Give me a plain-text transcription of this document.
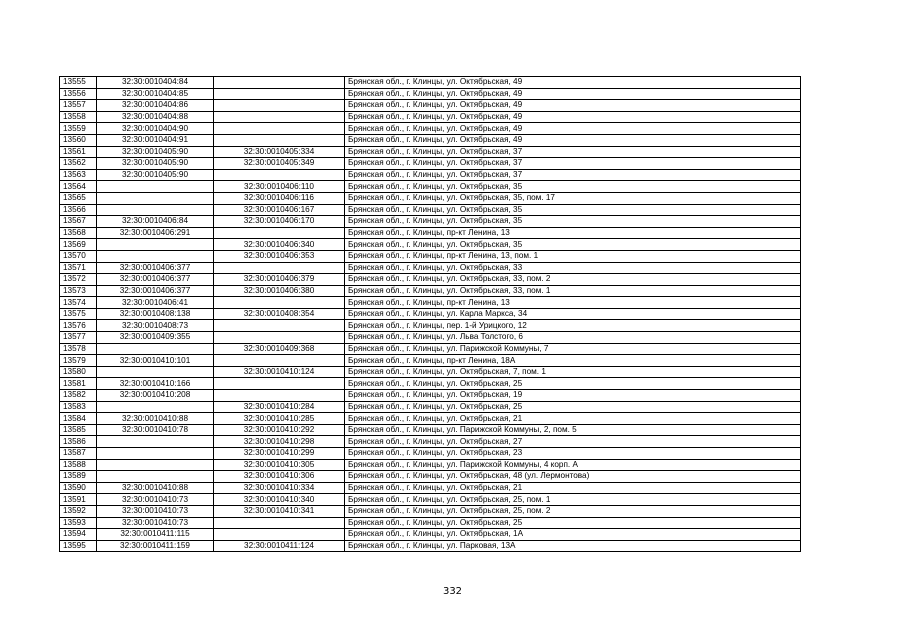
13555	32:30:0010404:84		Брянская обл., г. Клинцы, ул. Октябрьская, 49
13556	32:30:0010404:85		Брянская обл., г. Клинцы, ул. Октябрьская, 49
13557	32:30:0010404:86		Брянская обл., г. Клинцы, ул. Октябрьская, 49
13558	32:30:0010404:88		Брянская обл., г. Клинцы, ул. Октябрьская, 49
13559	32:30:0010404:90		Брянская обл., г. Клинцы, ул. Октябрьская, 49
13560	32:30:0010404:91		Брянская обл., г. Клинцы, ул. Октябрьская, 49
13561	32:30:0010405:90	32:30:0010405:334	Брянская обл., г. Клинцы, ул. Октябрьская, 37
13562	32:30:0010405:90	32:30:0010405:349	Брянская обл., г. Клинцы, ул. Октябрьская, 37
13563	32:30:0010405:90		Брянская обл., г. Клинцы, ул. Октябрьская, 37
13564		32:30:0010406:110	Брянская обл., г. Клинцы, ул. Октябрьская, 35
13565		32:30:0010406:116	Брянская обл., г. Клинцы, ул. Октябрьская, 35, пом. 17
13566		32:30:0010406:167	Брянская обл., г. Клинцы, ул. Октябрьская, 35
13567	32:30:0010406:84	32:30:0010406:170	Брянская обл., г. Клинцы, ул. Октябрьская, 35
13568	32:30:0010406:291		Брянская обл., г. Клинцы, пр-кт Ленина, 13
13569		32:30:0010406:340	Брянская обл., г. Клинцы, ул. Октябрьская, 35
13570		32:30:0010406:353	Брянская обл., г. Клинцы, пр-кт Ленина, 13, пом. 1
13571	32:30:0010406:377		Брянская обл., г. Клинцы, ул. Октябрьская, 33
13572	32:30:0010406:377	32:30:0010406:379	Брянская обл., г. Клинцы, ул. Октябрьская, 33, пом. 2
13573	32:30:0010406:377	32:30:0010406:380	Брянская обл., г. Клинцы, ул. Октябрьская, 33, пом. 1
13574	32:30:0010406:41		Брянская обл., г. Клинцы, пр-кт Ленина, 13
13575	32:30:0010408:138	32:30:0010408:354	Брянская обл., г. Клинцы, ул. Карла Маркса, 34
13576	32:30:0010408:73		Брянская обл., г. Клинцы, пер. 1-й Урицкого, 12
13577	32:30:0010409:355		Брянская обл., г. Клинцы, ул. Льва Толстого, 6
13578		32:30:0010409:368	Брянская обл., г. Клинцы, ул. Парижской Коммуны, 7
13579	32:30:0010410:101		Брянская обл., г. Клинцы, пр-кт Ленина, 18А
13580		32:30:0010410:124	Брянская обл., г. Клинцы, ул. Октябрьская, 7, пом. 1
13581	32:30:0010410:166		Брянская обл., г. Клинцы, ул. Октябрьская, 25
13582	32:30:0010410:208		Брянская обл., г. Клинцы, ул. Октябрьская, 19
13583		32:30:0010410:284	Брянская обл., г. Клинцы, ул. Октябрьская, 25
13584	32:30:0010410:88	32:30:0010410:285	Брянская обл., г. Клинцы, ул. Октябрьская, 21
13585	32:30:0010410:78	32:30:0010410:292	Брянская обл., г. Клинцы, ул. Парижской Коммуны, 2, пом. 5
13586		32:30:0010410:298	Брянская обл., г. Клинцы, ул. Октябрьская, 27
13587		32:30:0010410:299	Брянская обл., г. Клинцы, ул. Октябрьская, 23
13588		32:30:0010410:305	Брянская обл., г. Клинцы, ул. Парижской Коммуны, 4 корп. А
13589		32:30:0010410:306	Брянская обл., г. Клинцы, ул. Октябрьская, 48 (ул. Лермонтова)
13590	32:30:0010410:88	32:30:0010410:334	Брянская обл., г. Клинцы, ул. Октябрьская, 21
13591	32:30:0010410:73	32:30:0010410:340	Брянская обл., г. Клинцы, ул. Октябрьская, 25, пом. 1
13592	32:30:0010410:73	32:30:0010410:341	Брянская обл., г. Клинцы, ул. Октябрьская, 25, пом. 2
13593	32:30:0010410:73		Брянская обл., г. Клинцы, ул. Октябрьская, 25
13594	32:30:0010411:115		Брянская обл., г. Клинцы, ул. Октябрьская, 1А
13595	32:30:0010411:159	32:30:0010411:124	Брянская обл., г. Клинцы, ул. Парковая, 13А
332
